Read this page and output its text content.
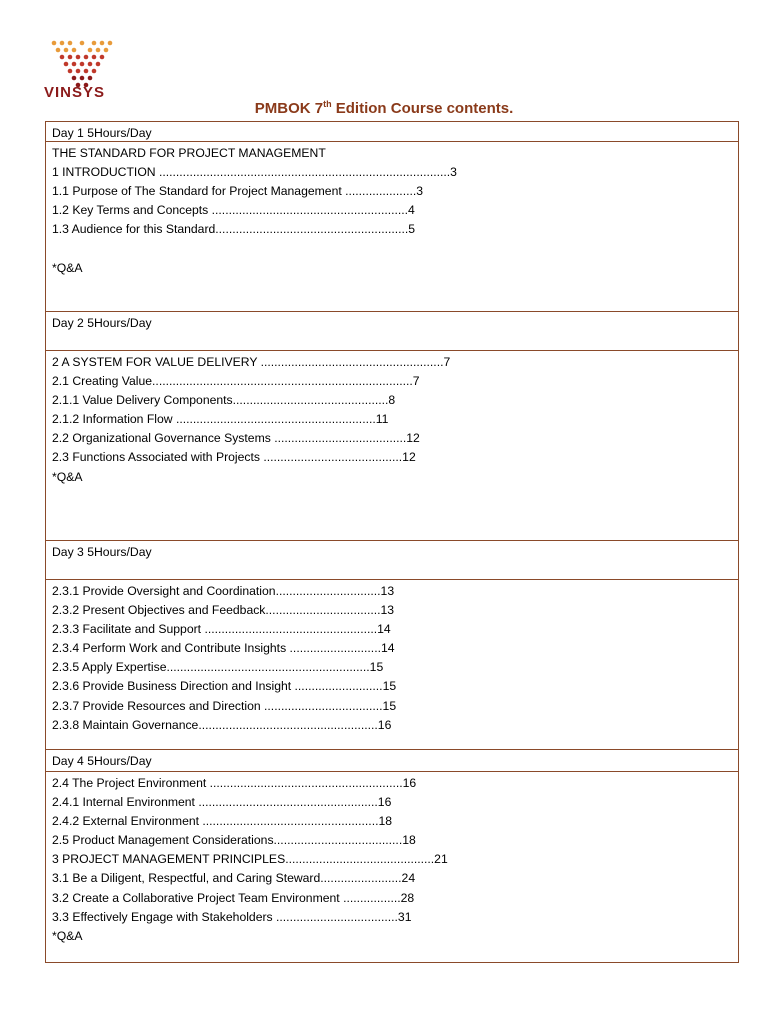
VINSYS
PMBOK 7th Edition Course contents.
Day 1 5Hours/Day
THE STANDARD FOR PROJECT MANAGEMENT
1 INTRODUCTION ......................................................................................3
1.1 Purpose of The Standard for Project Management .....................3
1.2 Key Terms and Concepts ..........................................................4
1.3 Audience for this Standard.........................................................5
*Q&A
Day 2 5Hours/Day
2 A SYSTEM FOR VALUE DELIVERY ......................................................7
2.1 Creating Value.............................................................................7
2.1.1 Value Delivery Components..............................................8
2.1.2 Information Flow ...........................................................11
2.2 Organizational Governance Systems .......................................12
2.3 Functions Associated with Projects .........................................12
*Q&A
Day 3 5Hours/Day
2.3.1 Provide Oversight and Coordination...............................13
2.3.2 Present Objectives and Feedback..................................13
2.3.3 Facilitate and Support ...................................................14
2.3.4 Perform Work and Contribute Insights ...........................14
2.3.5 Apply Expertise............................................................15
2.3.6 Provide Business Direction and Insight ..........................15
2.3.7 Provide Resources and Direction ...................................15
2.3.8 Maintain Governance.....................................................16
Day 4 5Hours/Day
2.4 The Project Environment .........................................................16
2.4.1 Internal Environment .....................................................16
2.4.2 External Environment ....................................................18
2.5 Product Management Considerations......................................18
3 PROJECT MANAGEMENT PRINCIPLES............................................21
3.1 Be a Diligent, Respectful, and Caring Steward........................24
3.2 Create a Collaborative Project Team Environment .................28
3.3 Effectively Engage with Stakeholders ....................................31
*Q&A
